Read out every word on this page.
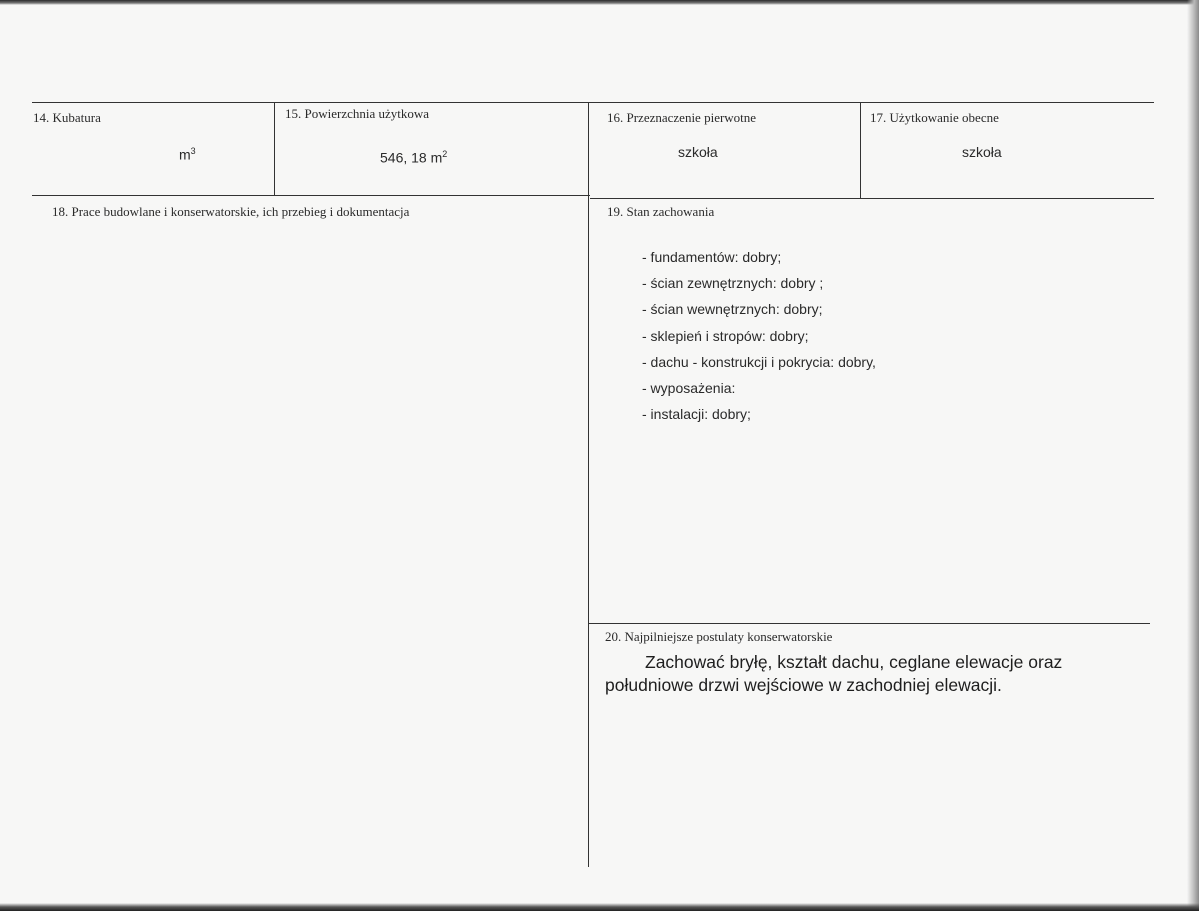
14. Kubatura
$m^3$
15. Powierzchnia użytkowa
546, 18 $m^2$
16. Przeznaczenie pierwotne
szkoła
17. Użytkowanie obecne
szkoła
18. Prace budowlane i konserwatorskie, ich przebieg i dokumentacja	19. Stan zachowania
- fundamentów: dobry;
- ścian zewnętrznych: dobry ;
- ścian wewnętrznych: dobry;
- sklepień i stropów: dobry;
- dachu - konstrukcji i pokrycia: dobry,
- wyposażenia:
- instalacji: dobry;
20. Najpilniejsze postulaty konserwatorskie

Zachować bryłę, kształt dachu, ceglane elewacje oraz południowe drzwi wejściowe w zachodniej elewacji.
